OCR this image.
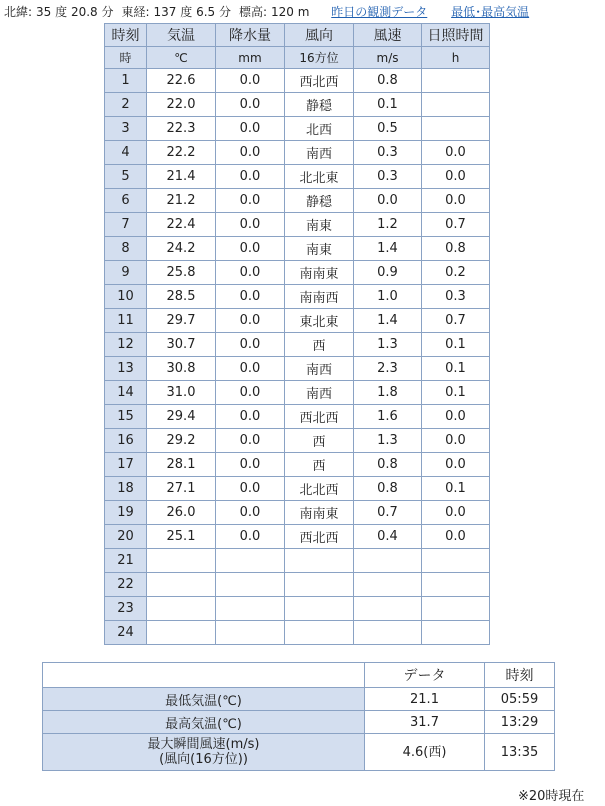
北緯: 35 度 20.8 分 東経: 137 度 6.5 分 標高: 120 m 昨日の観測データ 最低･最高気温
時刻	気温	降水量	風向	風速	日照時間
時	℃	mm	16方位	m/s	h
1	22.6	0.0	西北西	0.8	
2	22.0	0.0	静穏	0.1	
3	22.3	0.0	北西	0.5	
4	22.2	0.0	南西	0.3	0.0
5	21.4	0.0	北北東	0.3	0.0
6	21.2	0.0	静穏	0.0	0.0
7	22.4	0.0	南東	1.2	0.7
8	24.2	0.0	南東	1.4	0.8
9	25.8	0.0	南南東	0.9	0.2
10	28.5	0.0	南南西	1.0	0.3
11	29.7	0.0	東北東	1.4	0.7
12	30.7	0.0	西	1.3	0.1
13	30.8	0.0	南西	2.3	0.1
14	31.0	0.0	南西	1.8	0.1
15	29.4	0.0	西北西	1.6	0.0
16	29.2	0.0	西	1.3	0.0
17	28.1	0.0	西	0.8	0.0
18	27.1	0.0	北北西	0.8	0.1
19	26.0	0.0	南南東	0.7	0.0
20	25.1	0.0	西北西	0.4	0.0
21					
22					
23					
24					
	データ	時刻
最低気温(℃)	21.1	05:59
最高気温(℃)	31.7	13:29

最大瞬間風速(m/s)
(風向(16方位))	4.6(西)	13:35
※20時現在
